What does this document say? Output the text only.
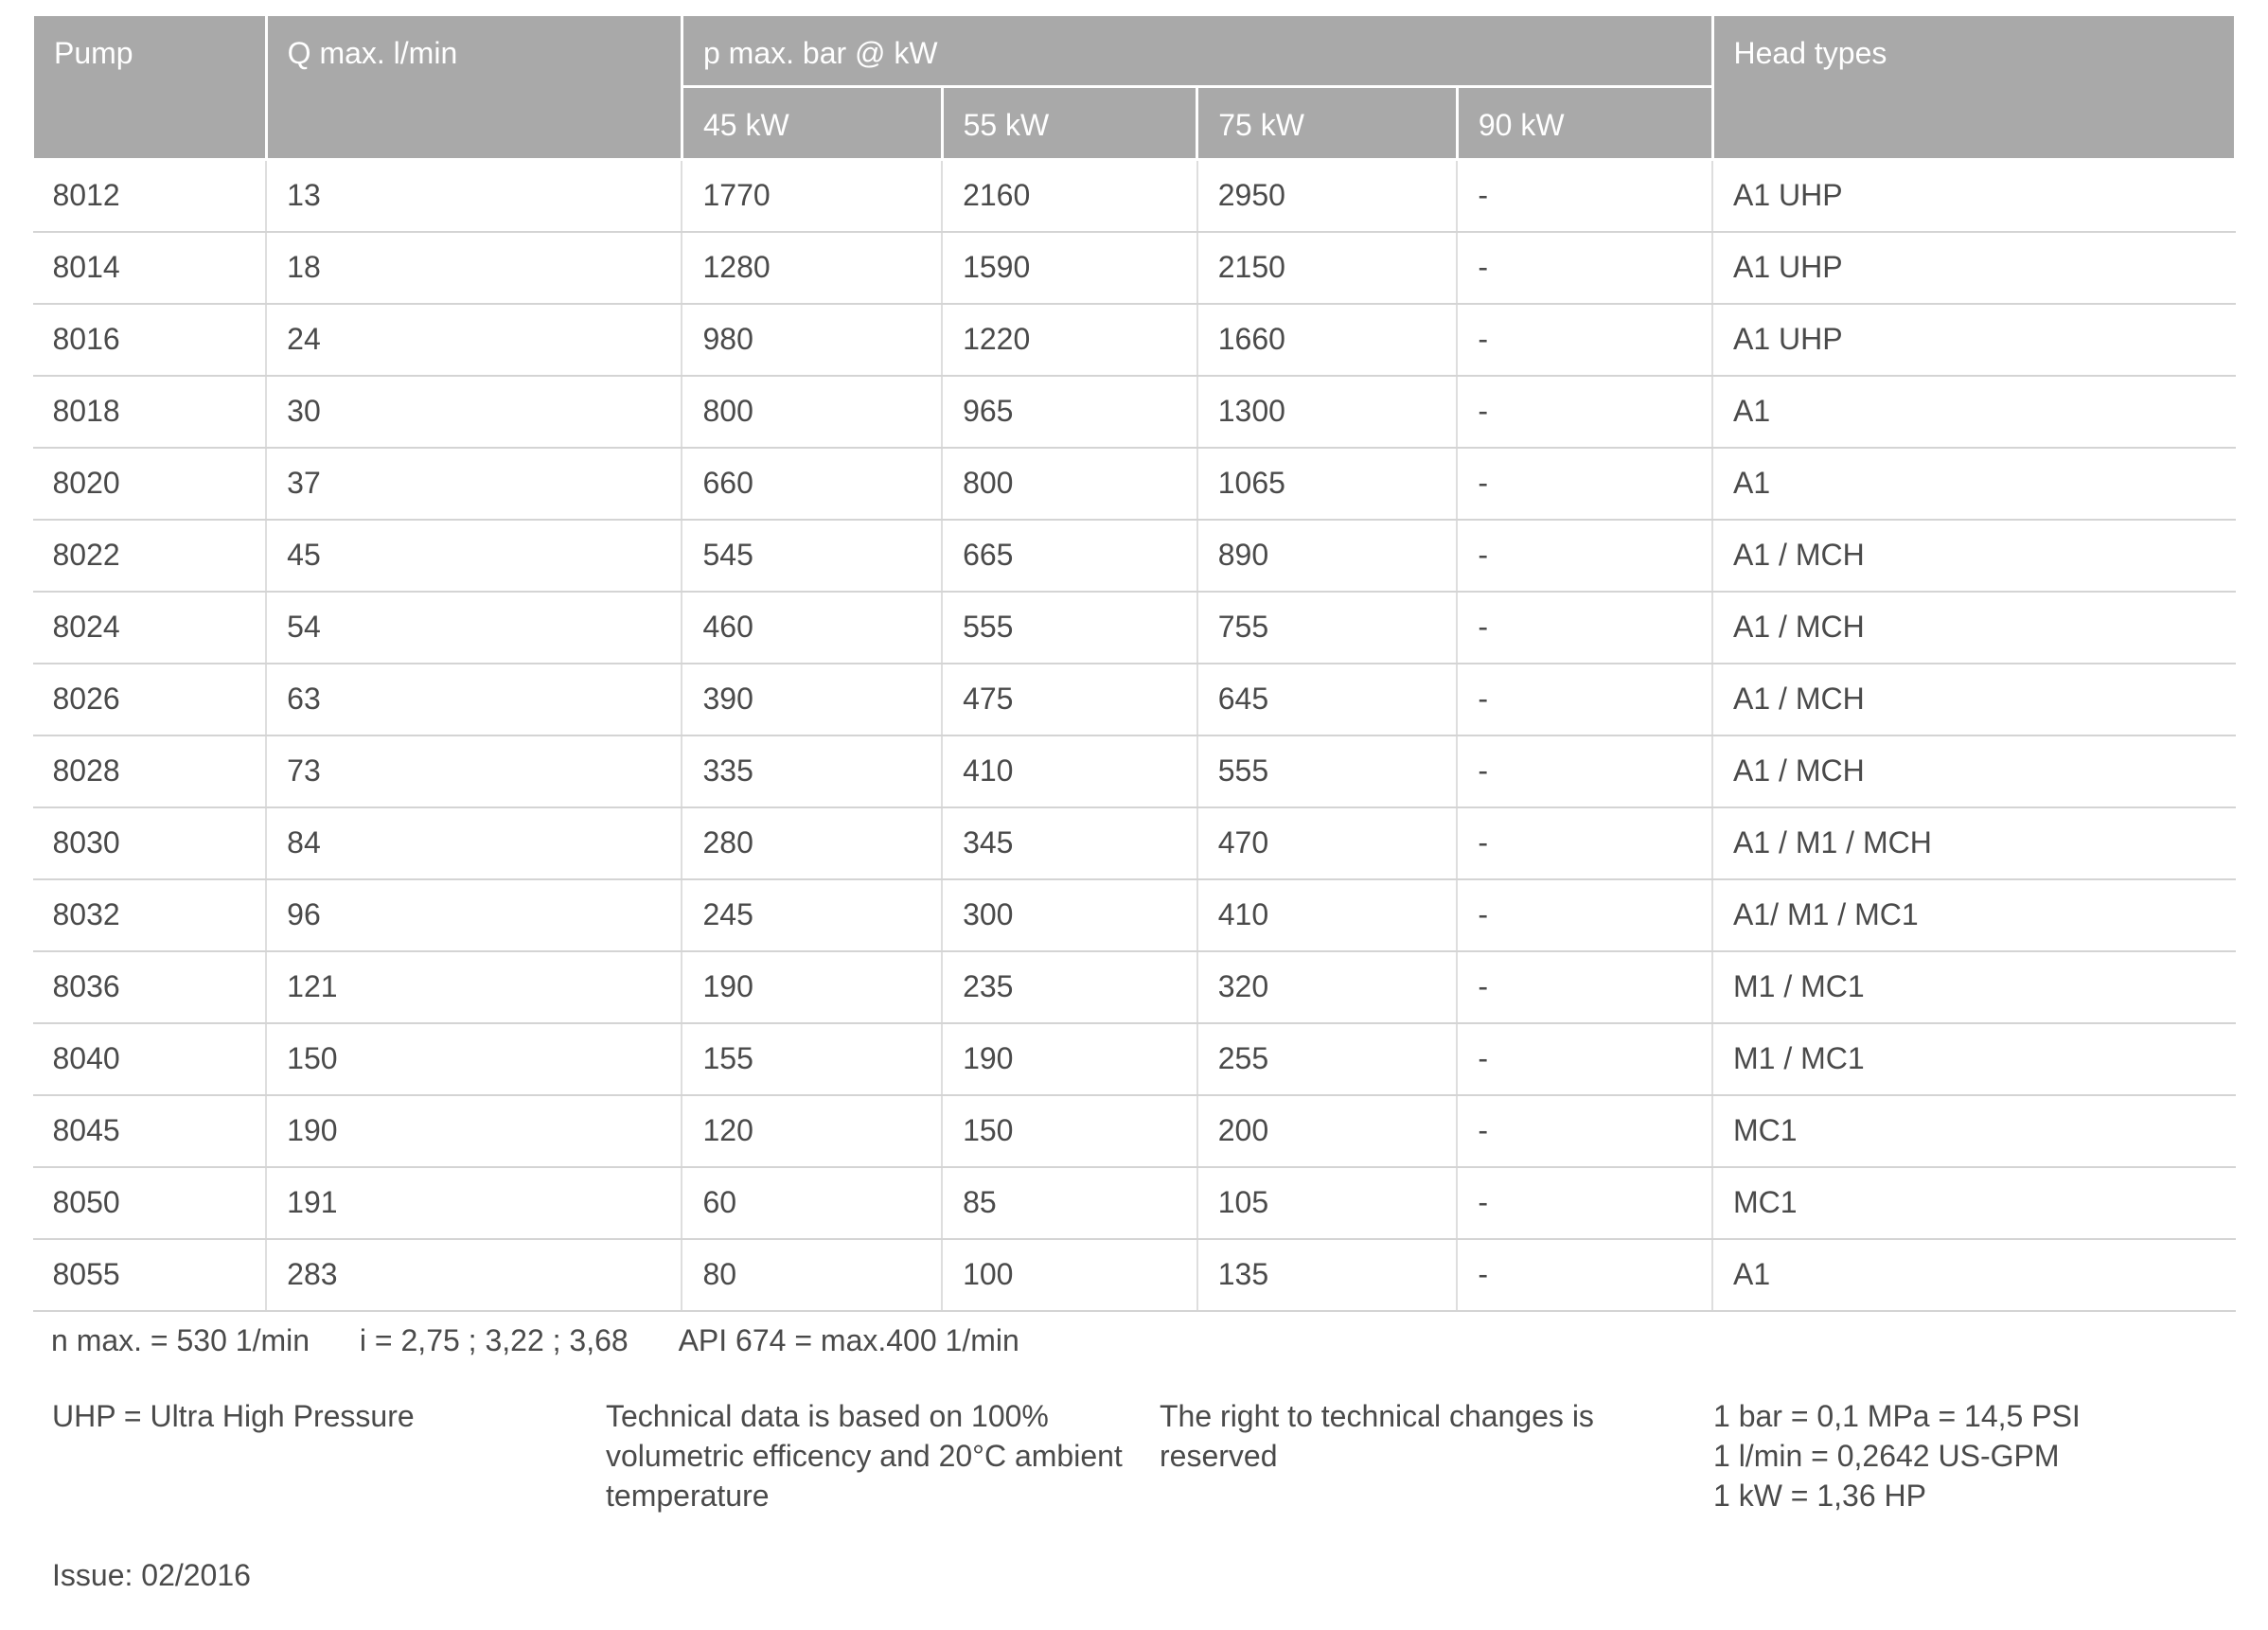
Pump	Q max. l/min	p max. bar @ kW				Head types
		45 kW	55 kW	75 kW	90 kW	
8012	13	1770	2160	2950	-	A1 UHP
8014	18	1280	1590	2150	-	A1 UHP
8016	24	980	1220	1660	-	A1 UHP
8018	30	800	965	1300	-	A1
8020	37	660	800	1065	-	A1
8022	45	545	665	890	-	A1 / MCH
8024	54	460	555	755	-	A1 / MCH
8026	63	390	475	645	-	A1 / MCH
8028	73	335	410	555	-	A1 / MCH
8030	84	280	345	470	-	A1 / M1 / MCH
8032	96	245	300	410	-	A1/ M1 / MC1
8036	121	190	235	320	-	M1 / MC1
8040	150	155	190	255	-	M1 / MC1
8045	190	120	150	200	-	MC1
8050	191	60	85	105	-	MC1
8055	283	80	100	135	-	A1
n max. = 530 1/min i = 2,75 ; 3,22 ; 3,68 API 674 = max.400 1/min
UHP = Ultra High Pressure	Technical data is based on 100%
volumetric efficency and 20°C ambient
temperature
The right to technical changes is reserved
1 bar = 0,1 MPa = 14,5 PSI
1 l/min = 0,2642 US-GPM
1 kW = 1,36 HP
Issue: 02/2016
